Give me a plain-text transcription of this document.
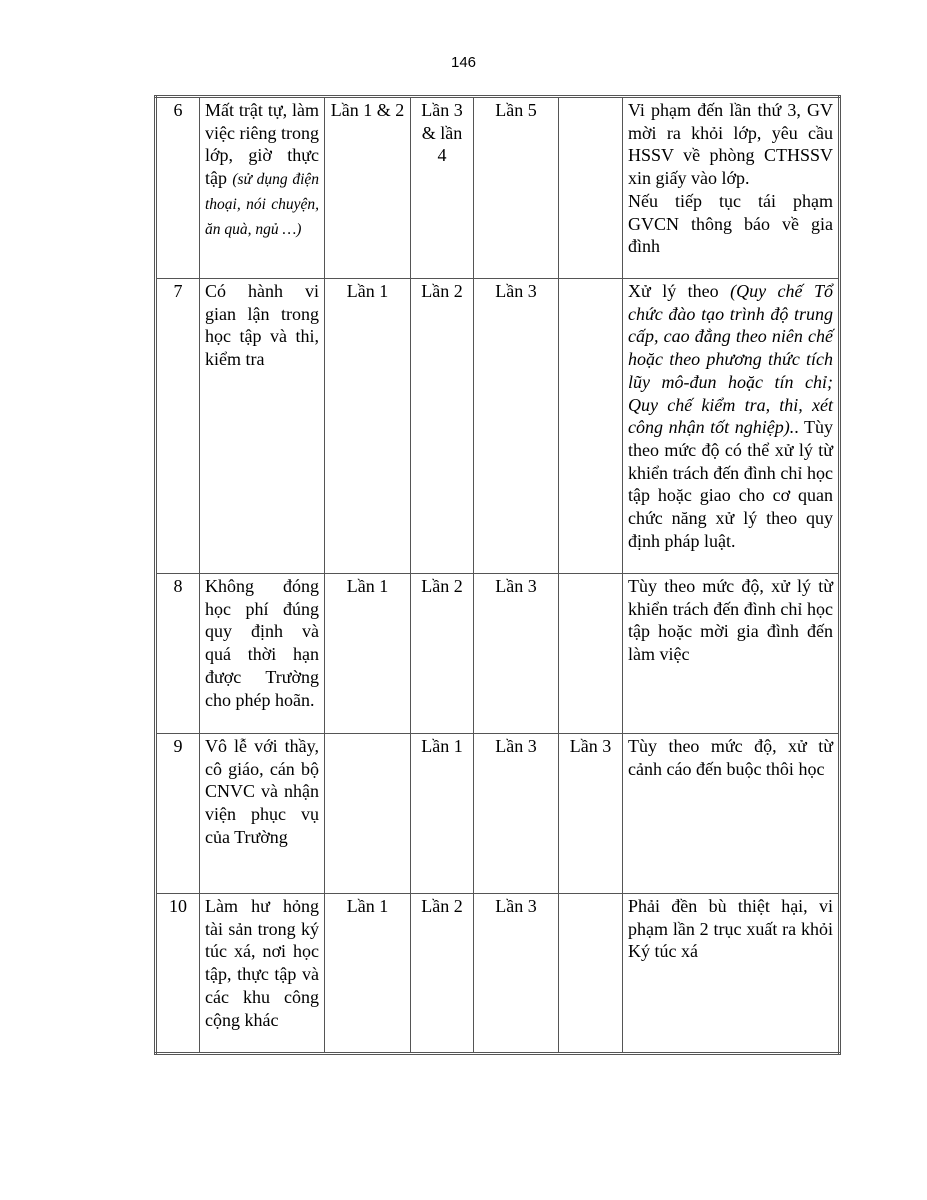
146
6	Mất trật tự, làm việc riêng trong lớp, giờ thực tập (sử dụng điện thoại, nói chuyện, ăn quà, ngủ …)	Lần 1 & 2	Lần 3 & lần 4	Lần 5		Vi phạm đến lần thứ 3, GV mời ra khỏi lớp, yêu cầu HSSV về phòng CTHSSV xin giấy vào lớp.
Nếu tiếp tục tái phạm GVCN thông báo về gia đình

7	Có hành vi gian lận trong học tập và thi, kiểm tra	Lần 1	Lần 2	Lần 3		Xử lý theo (Quy chế Tổ chức đào tạo trình độ trung cấp, cao đẳng theo niên chế hoặc theo phương thức tích lũy mô-đun hoặc tín chỉ; Quy chế kiểm tra, thi, xét công nhận tốt nghiệp).. Tùy theo mức độ có thể xử lý từ khiển trách đến đình chỉ học tập hoặc giao cho cơ quan chức năng xử lý theo quy định pháp luật.
8	Không đóng học phí đúng quy định và quá thời hạn được Trường cho phép hoãn.	Lần 1	Lần 2	Lần 3		Tùy theo mức độ, xử lý từ khiển trách đến đình chỉ học tập hoặc mời gia đình đến làm việc
9	Vô lễ với thầy, cô giáo, cán bộ CNVC và nhận viện phục vụ của Trường		Lần 1	Lần 3	Lần 3	Tùy theo mức độ, xử từ cảnh cáo đến buộc thôi học
10	Làm hư hỏng tài sản trong ký túc xá, nơi học tập, thực tập và các khu công cộng khác	Lần 1	Lần 2	Lần 3		Phải đền bù thiệt hại, vi phạm lần 2 trục xuất ra khỏi Ký túc xá
